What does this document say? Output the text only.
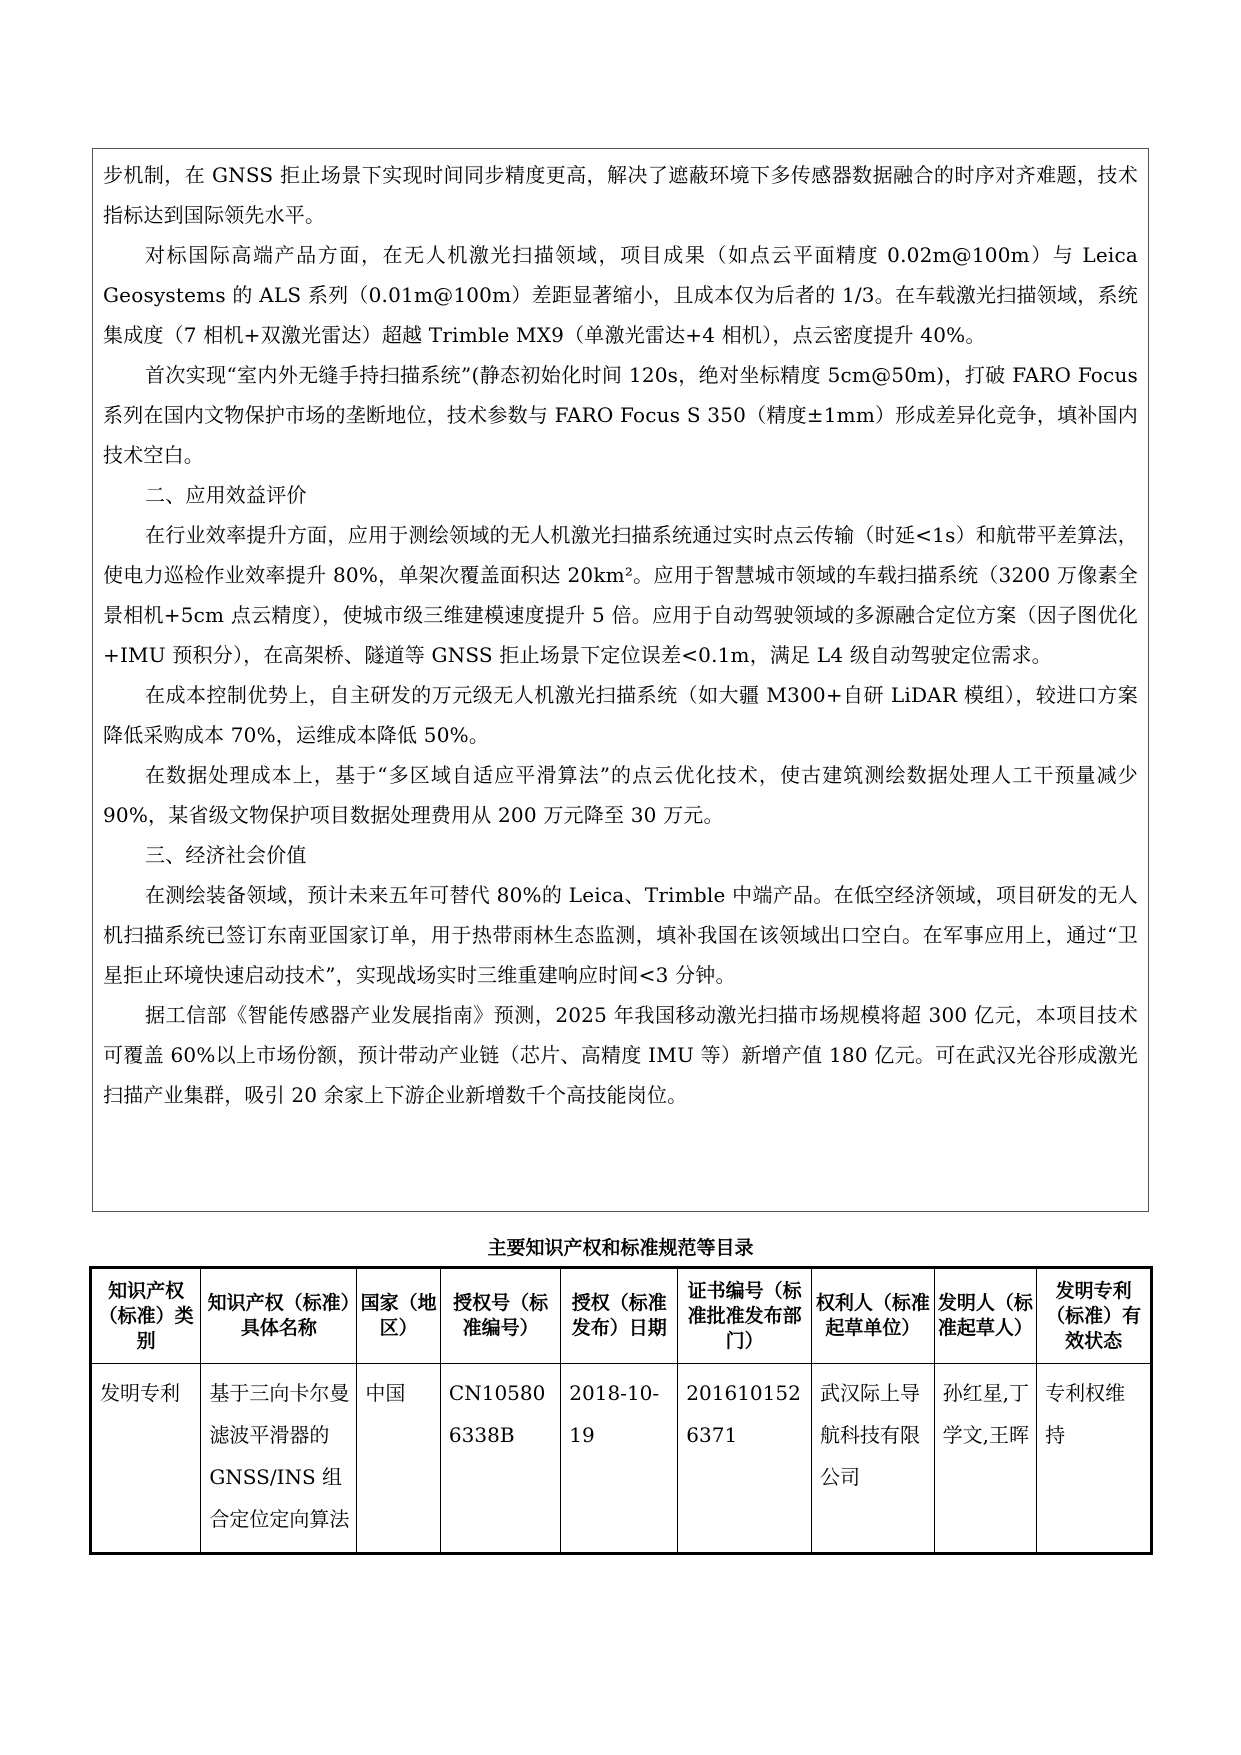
步机制，在 GNSS 拒止场景下实现时间同步精度更高，解决了遮蔽环境下多传感器数据融合的时序对齐难题，技术指标达到国际领先水平。

对标国际高端产品方面，在无人机激光扫描领域，项目成果（如点云平面精度 0.02m@100m）与 Leica Geosystems 的 ALS 系列（0.01m@100m）差距显著缩小，且成本仅为后者的 1/3。在车载激光扫描领域，系统集成度（7 相机+双激光雷达）超越 Trimble MX9（单激光雷达+4 相机），点云密度提升 40%。

首次实现“室内外无缝手持扫描系统”(静态初始化时间 120s，绝对坐标精度 5cm@50m)，打破 FARO Focus 系列在国内文物保护市场的垄断地位，技术参数与 FARO Focus S 350（精度±1mm）形成差异化竞争，填补国内技术空白。

二、应用效益评价

在行业效率提升方面，应用于测绘领域的无人机激光扫描系统通过实时点云传输（时延<1s）和航带平差算法，使电力巡检作业效率提升 80%，单架次覆盖面积达 20km²。应用于智慧城市领域的车载扫描系统（3200 万像素全景相机+5cm 点云精度），使城市级三维建模速度提升 5 倍。应用于自动驾驶领域的多源融合定位方案（因子图优化+IMU 预积分），在高架桥、隧道等 GNSS 拒止场景下定位误差<0.1m，满足 L4 级自动驾驶定位需求。

在成本控制优势上，自主研发的万元级无人机激光扫描系统（如大疆 M300+自研 LiDAR 模组），较进口方案降低采购成本 70%，运维成本降低 50%。

在数据处理成本上，基于“多区域自适应平滑算法”的点云优化技术，使古建筑测绘数据处理人工干预量减少 90%，某省级文物保护项目数据处理费用从 200 万元降至 30 万元。

三、经济社会价值

在测绘装备领域，预计未来五年可替代 80%的 Leica、Trimble 中端产品。在低空经济领域，项目研发的无人机扫描系统已签订东南亚国家订单，用于热带雨林生态监测，填补我国在该领域出口空白。在军事应用上，通过“卫星拒止环境快速启动技术”，实现战场实时三维重建响应时间<3 分钟。

据工信部《智能传感器产业发展指南》预测，2025 年我国移动激光扫描市场规模将超 300 亿元，本项目技术可覆盖 60%以上市场份额，预计带动产业链（芯片、高精度 IMU 等）新增产值 180 亿元。可在武汉光谷形成激光扫描产业集群，吸引 20 余家上下游企业新增数千个高技能岗位。

主要知识产权和标准规范等目录
知识产权（标准）类别	知识产权（标准）具体名称	国家（地区）	授权号（标准编号）	授权（标准发布）日期	证书编号（标准批准发布部门）	权利人（标准起草单位）	发明人（标准起草人）	发明专利（标准）有效状态
发明专利	基于三向卡尔曼滤波平滑器的 GNSS/INS 组合定位定向算法	中国	CN105806338B	2018-10-19	2016101526371	武汉际上导航科技有限公司	孙红星,丁学文,王晖	专利权维持
